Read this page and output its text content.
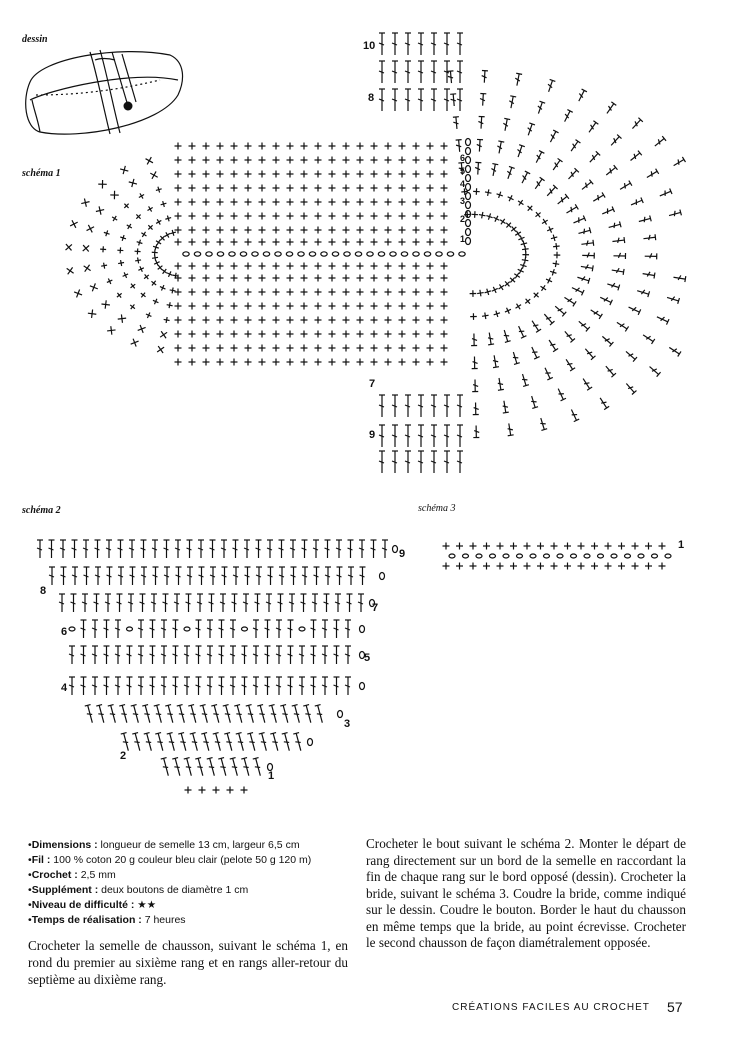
dessin
schéma 1
schéma 2	schéma 3
10
8
6
5
4
3
2
1
7
9
9
8
7
6
5
4
3
2
1
1
•Dimensions : longueur de semelle 13 cm, largeur 6,5 cm
•Fil : 100 % coton 20 g couleur bleu clair (pelote 50 g 120 m)
•Crochet : 2,5 mm
•Supplément : deux boutons de diamètre 1 cm
•Niveau de difficulté : ★★
•Temps de réalisation : 7 heures
Crocheter la semelle de chausson, suivant le schéma 1, en rond du premier au sixième rang et en rangs aller-retour du septième au dixième rang.
Crocheter le bout suivant le schéma 2. Monter le départ de rang directement sur un bord de la semelle en raccordant la fin de chaque rang sur le bord opposé (dessin). Crocheter la bride, suivant le schéma 3. Coudre la bride, comme indiqué sur le dessin. Coudre le bouton. Border le haut du chausson en même temps que la bride, au point écrevisse. Crocheter le second chausson de façon diamétralement opposée.
CRÉATIONS FACILES AU CROCHET 57
